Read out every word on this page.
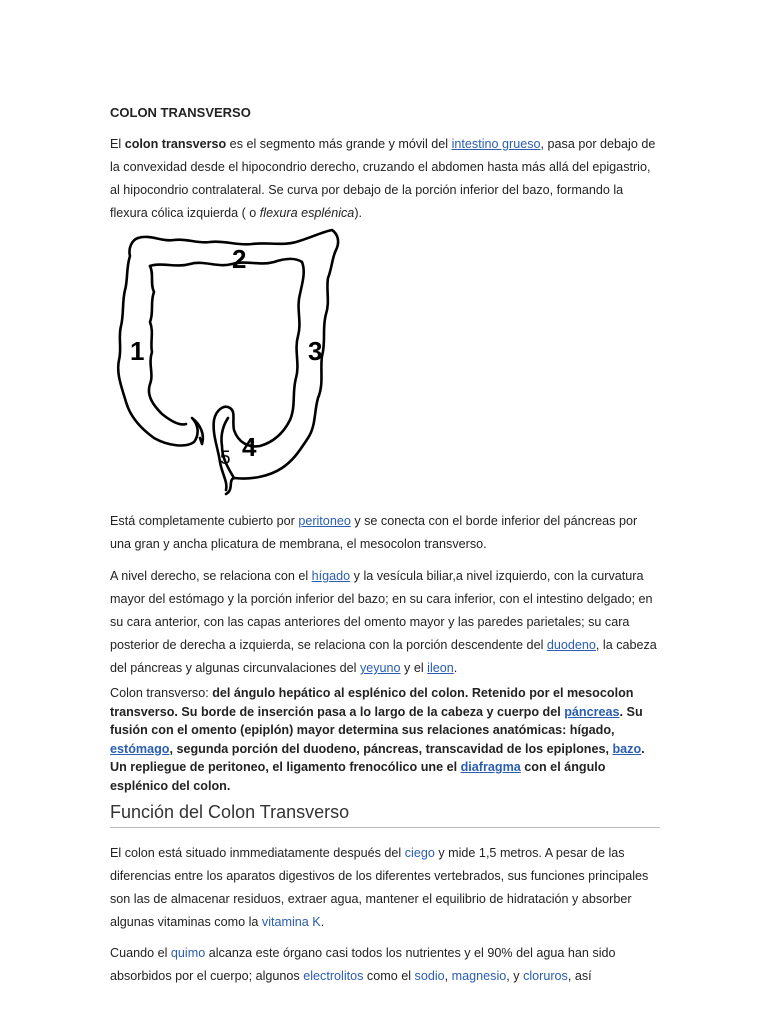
COLON TRANSVERSO

El colon transverso es el segmento más grande y móvil del intestino grueso, pasa por debajo de la convexidad desde el hipocondrio derecho, cruzando el abdomen hasta más allá del epigastrio, al hipocondrio contralateral. Se curva por debajo de la porción inferior del bazo, formando la flexura cólica izquierda ( o flexura esplénica).

2
1	3
4
5

Está completamente cubierto por peritoneo y se conecta con el borde inferior del páncreas por una gran y ancha plicatura de membrana, el mesocolon transverso.

A nivel derecho, se relaciona con el hígado y la vesícula biliar,a nivel izquierdo, con la curvatura mayor del estómago y la porción inferior del bazo; en su cara inferior, con el intestino delgado; en su cara anterior, con las capas anteriores del omento mayor y las paredes parietales; su cara posterior de derecha a izquierda, se relaciona con la porción descendente del duodeno, la cabeza del páncreas y algunas circunvalaciones del yeyuno y el ileon.

Colon transverso: del ángulo hepático al esplénico del colon. Retenido por el mesocolon transverso. Su borde de inserción pasa a lo largo de la cabeza y cuerpo del páncreas. Su fusión con el omento (epiplón) mayor determina sus relaciones anatómicas: hígado, estómago, segunda porción del duodeno, páncreas, transcavidad de los epiplones, bazo. Un repliegue de peritoneo, el ligamento frenocólico une el diafragma con el ángulo esplénico del colon.

Función del Colon Transverso

El colon está situado inmmediatamente después del ciego y mide 1,5 metros. A pesar de las diferencias entre los aparatos digestivos de los diferentes vertebrados, sus funciones principales son las de almacenar residuos, extraer agua, mantener el equilibrio de hidratación y absorber algunas vitaminas como la vitamina K.

Cuando el quimo alcanza este órgano casi todos los nutrientes y el 90% del agua han sido absorbidos por el cuerpo; algunos electrolitos como el sodio, magnesio, y cloruros, así
